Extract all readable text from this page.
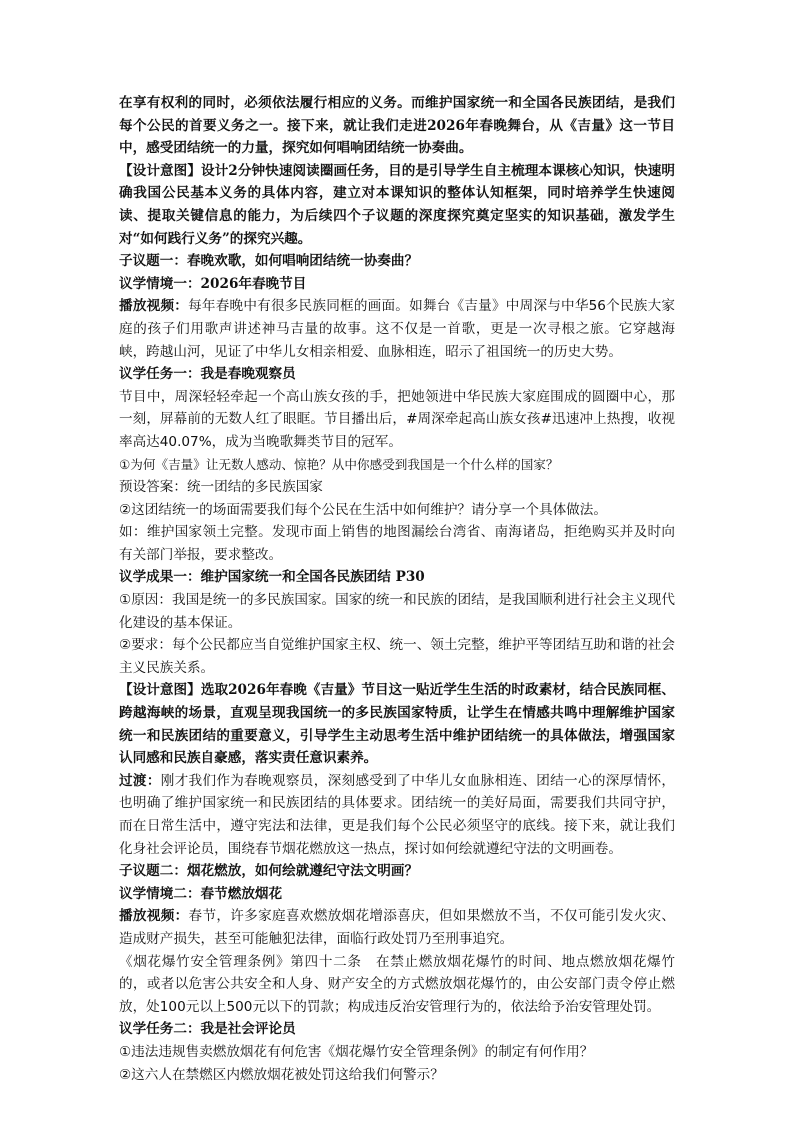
在享有权利的同时，必须依法履行相应的义务。而维护国家统一和全国各民族团结，是我们每个公民的首要义务之一。接下来，就让我们走进2026年春晚舞台，从《吉量》这一节目中，感受团结统一的力量，探究如何唱响团结统一协奏曲。

【设计意图】设计2分钟快速阅读圈画任务，目的是引导学生自主梳理本课核心知识，快速明确我国公民基本义务的具体内容，建立对本课知识的整体认知框架，同时培养学生快速阅读、提取关键信息的能力，为后续四个子议题的深度探究奠定坚实的知识基础，激发学生对“如何践行义务”的探究兴趣。

子议题一：春晚欢歌，如何唱响团结统一协奏曲？

议学情境一：2026年春晚节目

播放视频：每年春晚中有很多民族同框的画面。如舞台《吉量》中周深与中华56个民族大家庭的孩子们用歌声讲述神马吉量的故事。这不仅是一首歌，更是一次寻根之旅。它穿越海峡，跨越山河，见证了中华儿女相亲相爱、血脉相连，昭示了祖国统一的历史大势。

议学任务一：我是春晚观察员

节目中，周深轻轻牵起一个高山族女孩的手，把她领进中华民族大家庭围成的圆圈中心，那一刻，屏幕前的无数人红了眼眶。节目播出后，#周深牵起高山族女孩#迅速冲上热搜，收视率高达40.07%，成为当晚歌舞类节目的冠军。

①为何《吉量》让无数人感动、惊艳？从中你感受到我国是一个什么样的国家？

预设答案：统一团结的多民族国家

②这团结统一的场面需要我们每个公民在生活中如何维护？请分享一个具体做法。

如：维护国家领土完整。发现市面上销售的地图漏绘台湾省、南海诸岛，拒绝购买并及时向有关部门举报，要求整改。

议学成果一：维护国家统一和全国各民族团结 P30

①原因：我国是统一的多民族国家。国家的统一和民族的团结，是我国顺利进行社会主义现代化建设的基本保证。

②要求：每个公民都应当自觉维护国家主权、统一、领土完整，维护平等团结互助和谐的社会主义民族关系。

【设计意图】选取2026年春晚《吉量》节目这一贴近学生生活的时政素材，结合民族同框、跨越海峡的场景，直观呈现我国统一的多民族国家特质，让学生在情感共鸣中理解维护国家统一和民族团结的重要意义，引导学生主动思考生活中维护团结统一的具体做法，增强国家认同感和民族自豪感，落实责任意识素养。

过渡：刚才我们作为春晚观察员，深刻感受到了中华儿女血脉相连、团结一心的深厚情怀，也明确了维护国家统一和民族团结的具体要求。团结统一的美好局面，需要我们共同守护，而在日常生活中，遵守宪法和法律，更是我们每个公民必须坚守的底线。接下来，就让我们化身社会评论员，围绕春节烟花燃放这一热点，探讨如何绘就遵纪守法的文明画卷。

子议题二：烟花燃放，如何绘就遵纪守法文明画？

议学情境二：春节燃放烟花

播放视频：春节，许多家庭喜欢燃放烟花增添喜庆，但如果燃放不当，不仅可能引发火灾、造成财产损失，甚至可能触犯法律，面临行政处罚乃至刑事追究。

《烟花爆竹安全管理条例》第四十二条　在禁止燃放烟花爆竹的时间、地点燃放烟花爆竹的，或者以危害公共安全和人身、财产安全的方式燃放烟花爆竹的，由公安部门责令停止燃放，处100元以上500元以下的罚款；构成违反治安管理行为的，依法给予治安管理处罚。

议学任务二：我是社会评论员

①违法违规售卖燃放烟花有何危害《烟花爆竹安全管理条例》的制定有何作用？

②这六人在禁燃区内燃放烟花被处罚这给我们何警示？
